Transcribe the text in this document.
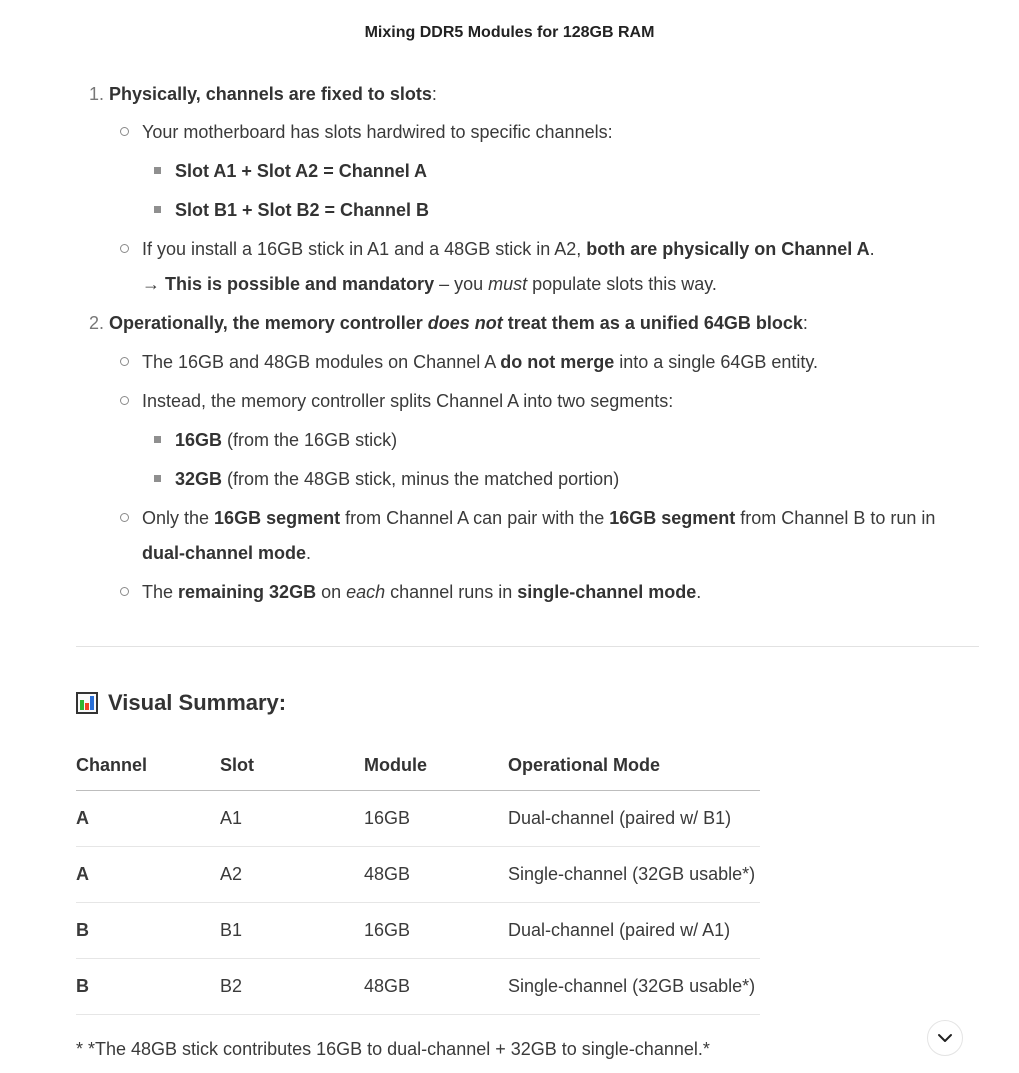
Mixing DDR5 Modules for 128GB RAM
1. Physically, channels are fixed to slots:
Your motherboard has slots hardwired to specific channels:
Slot A1 + Slot A2 = Channel A
Slot B1 + Slot B2 = Channel B
If you install a 16GB stick in A1 and a 48GB stick in A2, both are physically on Channel A.
→ This is possible and mandatory – you must populate slots this way.
2. Operationally, the memory controller does not treat them as a unified 64GB block:
The 16GB and 48GB modules on Channel A do not merge into a single 64GB entity.
Instead, the memory controller splits Channel A into two segments:
16GB (from the 16GB stick)
32GB (from the 48GB stick, minus the matched portion)
Only the 16GB segment from Channel A can pair with the 16GB segment from Channel B to run in
dual-channel mode.
The remaining 32GB on each channel runs in single-channel mode.
Visual Summary:
Channel	Slot	Module	Operational Mode
A	A1	16GB	Dual-channel (paired w/ B1)
A	A2	48GB	Single-channel (32GB usable*)
B	B1	16GB	Dual-channel (paired w/ A1)
B	B2	48GB	Single-channel (32GB usable*)
* *The 48GB stick contributes 16GB to dual-channel + 32GB to single-channel.*
